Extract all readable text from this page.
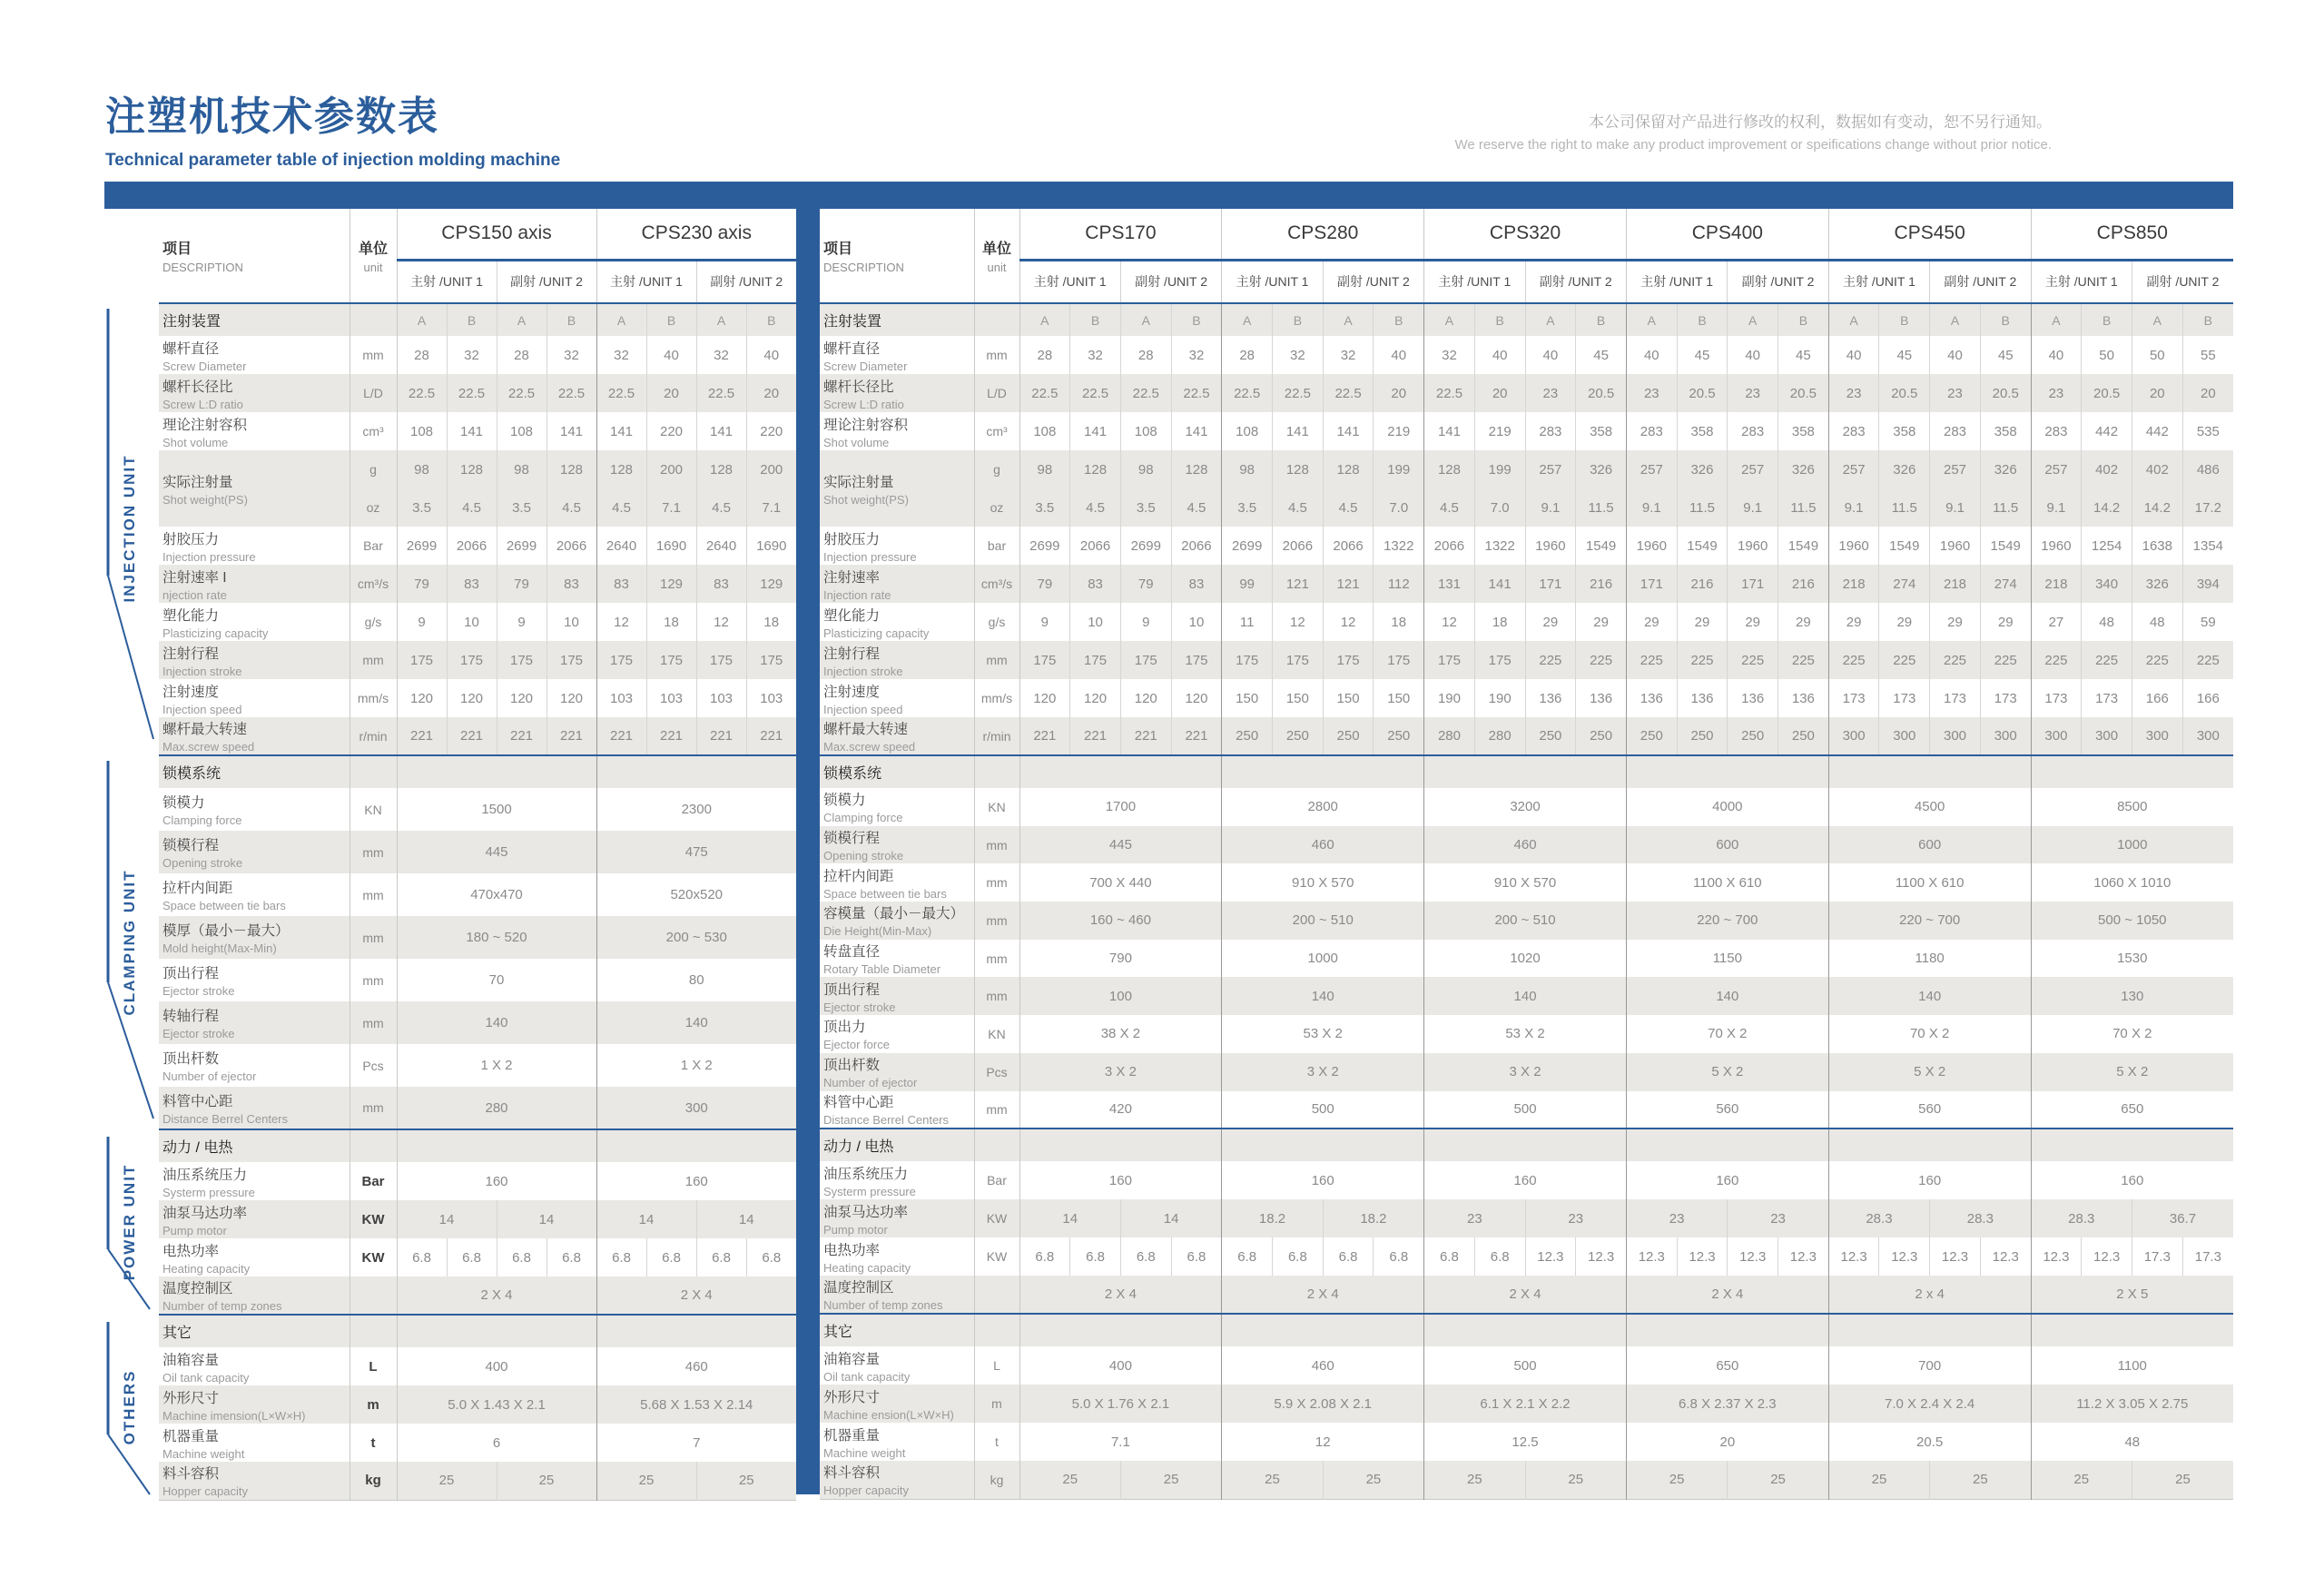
注塑机技术参数表
Technical parameter table of injection molding machine
本公司保留对产品进行修改的权利，数据如有变动，恕不另行通知。
We reserve the right to make any product improvement or speifications change without prior notice.
INJECTION UNIT
CLAMPING UNIT
POWER UNIT
OTHERS
项目
DESCRIPTION	单位
unit	CPS150 axis				CPS230 axis			
		主射 /UNIT 1		副射 /UNIT 2		主射 /UNIT 1		副射 /UNIT 2	
注射装置		A	B	A	B	A	B	A	B

螺杆直径
Screw Diameter	mm	28	32	28	32	32	40	32	40

螺杆长径比
Screw L:D ratio	L/D	22.5	22.5	22.5	22.5	22.5	20	22.5	20

理论注射容积
Shot volume	cm³	108	141	108	141	141	220	141	220

实际注射量
Shot weight(PS)	g	98	128	98	128	128	200	128	200
	oz	3.5	4.5	3.5	4.5	4.5	7.1	4.5	7.1

射胶压力
Injection pressure	Bar	2699	2066	2699	2066	2640	1690	2640	1690

注射速率 I
njection rate	cm³/s	79	83	79	83	83	129	83	129

塑化能力
Plasticizing capacity	g/s	9	10	9	10	12	18	12	18

注射行程
Injection stroke	mm	175	175	175	175	175	175	175	175

注射速度
Injection speed	mm/s	120	120	120	120	103	103	103	103

螺杆最大转速
Max.screw speed	r/min	221	221	221	221	221	221	221	221
锁模系统									

锁模力
Clamping force	KN	1500				2300			

锁模行程
Opening stroke	mm	445				475			

拉杆内间距
Space between tie bars	mm	470x470				520x520			

模厚（最小－最大）
Mold height(Max-Min)	mm	180 ~ 520				200 ~ 530			

顶出行程
Ejector stroke	mm	70				80			

转轴行程
Ejector stroke	mm	140				140			

顶出杆数
Number of ejector	Pcs	1 X 2				1 X 2			

料管中心距
Distance Berrel Centers	mm	280				300			
动力 / 电热									

油压系统压力
Systerm pressure	Bar	160				160			

油泵马达功率
Pump motor	KW	14		14		14		14	

电热功率
Heating capacity	KW	6.8	6.8	6.8	6.8	6.8	6.8	6.8	6.8

温度控制区
Number of temp zones		2 X 4				2 X 4			
其它									

油箱容量
Oil tank capacity	L	400				460			

外形尺寸
Machine imension(L×W×H)	m	5.0 X 1.43 X 2.1				5.68 X 1.53 X 2.14			

机器重量
Machine weight	t	6				7			

料斗容积
Hopper capacity	kg	25		25		25		25	
项目
DESCRIPTION	单位
unit	CPS170				CPS280				CPS320				CPS400				CPS450				CPS850			
		主射 /UNIT 1		副射 /UNIT 2		主射 /UNIT 1		副射 /UNIT 2		主射 /UNIT 1		副射 /UNIT 2		主射 /UNIT 1		副射 /UNIT 2		主射 /UNIT 1		副射 /UNIT 2		主射 /UNIT 1		副射 /UNIT 2	
注射装置		A	B	A	B	A	B	A	B	A	B	A	B	A	B	A	B	A	B	A	B	A	B	A	B

螺杆直径
Screw Diameter	mm	28	32	28	32	28	32	32	40	32	40	40	45	40	45	40	45	40	45	40	45	40	50	50	55

螺杆长径比
Screw L:D ratio	L/D	22.5	22.5	22.5	22.5	22.5	22.5	22.5	20	22.5	20	23	20.5	23	20.5	23	20.5	23	20.5	23	20.5	23	20.5	20	20

理论注射容积
Shot volume	cm³	108	141	108	141	108	141	141	219	141	219	283	358	283	358	283	358	283	358	283	358	283	442	442	535

实际注射量
Shot weight(PS)	g	98	128	98	128	98	128	128	199	128	199	257	326	257	326	257	326	257	326	257	326	257	402	402	486
	oz	3.5	4.5	3.5	4.5	3.5	4.5	4.5	7.0	4.5	7.0	9.1	11.5	9.1	11.5	9.1	11.5	9.1	11.5	9.1	11.5	9.1	14.2	14.2	17.2

射胶压力
Injection pressure	bar	2699	2066	2699	2066	2699	2066	2066	1322	2066	1322	1960	1549	1960	1549	1960	1549	1960	1549	1960	1549	1960	1254	1638	1354

注射速率
Injection rate	cm³/s	79	83	79	83	99	121	121	112	131	141	171	216	171	216	171	216	218	274	218	274	218	340	326	394

塑化能力
Plasticizing capacity	g/s	9	10	9	10	11	12	12	18	12	18	29	29	29	29	29	29	29	29	29	29	27	48	48	59

注射行程
Injection stroke	mm	175	175	175	175	175	175	175	175	175	175	225	225	225	225	225	225	225	225	225	225	225	225	225	225

注射速度
Injection speed	mm/s	120	120	120	120	150	150	150	150	190	190	136	136	136	136	136	136	173	173	173	173	173	173	166	166

螺杆最大转速
Max.screw speed	r/min	221	221	221	221	250	250	250	250	280	280	250	250	250	250	250	250	300	300	300	300	300	300	300	300
锁模系统																									

锁模力
Clamping force	KN	1700				2800				3200				4000				4500				8500			

锁模行程
Opening stroke	mm	445				460				460				600				600				1000			

拉杆内间距
Space between tie bars	mm	700 X 440				910 X 570				910 X 570				1100 X 610				1100 X 610				1060 X 1010			

容模量（最小－最大）
Die Height(Min-Max)	mm	160 ~ 460				200 ~ 510				200 ~ 510				220 ~ 700				220 ~ 700				500 ~ 1050			

转盘直径
Rotary Table Diameter	mm	790				1000				1020				1150				1180				1530			

顶出行程
Ejector stroke	mm	100				140				140				140				140				130			

顶出力
Ejector force	KN	38 X 2				53 X 2				53 X 2				70 X 2				70 X 2				70 X 2			

顶出杆数
Number of ejector	Pcs	3 X 2				3 X 2				3 X 2				5 X 2				5 X 2				5 X 2			

料管中心距
Distance Berrel Centers	mm	420				500				500				560				560				650			
动力 / 电热																									

油压系统压力
Systerm pressure	Bar	160				160				160				160				160				160			

油泵马达功率
Pump motor	KW	14		14		18.2		18.2		23		23		23		23		28.3		28.3		28.3		36.7	

电热功率
Heating capacity	KW	6.8	6.8	6.8	6.8	6.8	6.8	6.8	6.8	6.8	6.8	12.3	12.3	12.3	12.3	12.3	12.3	12.3	12.3	12.3	12.3	12.3	12.3	17.3	17.3

温度控制区
Number of temp zones		2 X 4				2 X 4				2 X 4				2 X 4				2 x 4				2 X 5			
其它																									

油箱容量
Oil tank capacity	L	400				460				500				650				700				1100			

外形尺寸
Machine ension(L×W×H)	m	5.0 X 1.76 X 2.1				5.9 X 2.08 X 2.1				6.1 X 2.1 X 2.2				6.8 X 2.37 X 2.3				7.0 X 2.4 X 2.4				11.2 X 3.05 X 2.75			

机器重量
Machine weight	t	7.1				12				12.5				20				20.5				48			

料斗容积
Hopper capacity	kg	25		25		25		25		25		25		25		25		25		25		25		25	
